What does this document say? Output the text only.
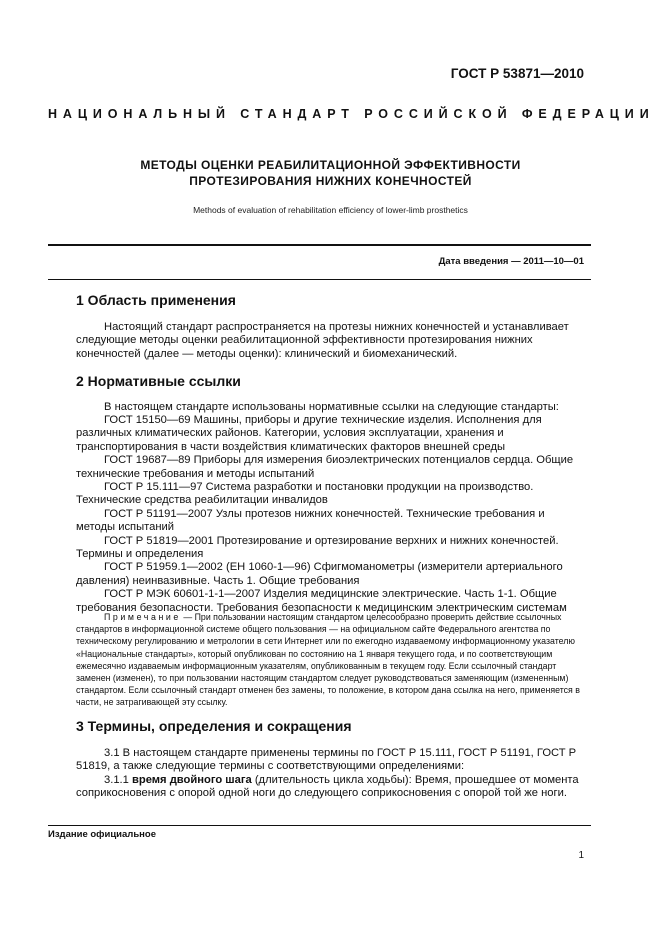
ГОСТ Р 53871—2010
НАЦИОНАЛЬНЫЙ СТАНДАРТ РОССИЙСКОЙ ФЕДЕРАЦИИ
МЕТОДЫ ОЦЕНКИ РЕАБИЛИТАЦИОННОЙ ЭФФЕКТИВНОСТИ
ПРОТЕЗИРОВАНИЯ НИЖНИХ КОНЕЧНОСТЕЙ
Methods of evaluation of rehabilitation efficiency of lower-limb prosthetics
Дата введения — 2011—10—01
1 Область применения

Настоящий стандарт распространяется на протезы нижних конечностей и устанавливает следующие методы оценки реабилитационной эффективности протезирования нижних конечностей (далее — методы оценки): клинический и биомеханический.

2 Нормативные ссылки

В настоящем стандарте использованы нормативные ссылки на следующие стандарты:

ГОСТ 15150—69 Машины, приборы и другие технические изделия. Исполнения для различных климатических районов. Категории, условия эксплуатации, хранения и транспортирования в части воздействия климатических факторов внешней среды

ГОСТ 19687—89 Приборы для измерения биоэлектрических потенциалов сердца. Общие технические требования и методы испытаний

ГОСТ Р 15.111—97 Система разработки и постановки продукции на производство. Технические средства реабилитации инвалидов

ГОСТ Р 51191—2007 Узлы протезов нижних конечностей. Технические требования и методы испытаний

ГОСТ Р 51819—2001 Протезирование и ортезирование верхних и нижних конечностей. Термины и определения

ГОСТ Р 51959.1—2002 (ЕН 1060-1—96) Сфигмоманометры (измерители артериального давления) неинвазивные. Часть 1. Общие требования

ГОСТ Р МЭК 60601-1-1—2007 Изделия медицинские электрические. Часть 1-1. Общие требования безопасности. Требования безопасности к медицинским электрическим системам

Примечание — При пользовании настоящим стандартом целесообразно проверить действие ссылочных стандартов в информационной системе общего пользования — на официальном сайте Федерального агентства по техническому регулированию и метрологии в сети Интернет или по ежегодно издаваемому информационному указателю «Национальные стандарты», который опубликован по состоянию на 1 января текущего года, и по соответствующим ежемесячно издаваемым информационным указателям, опубликованным в текущем году. Если ссылочный стандарт заменен (изменен), то при пользовании настоящим стандартом следует руководствоваться заменяющим (измененным) стандартом. Если ссылочный стандарт отменен без замены, то положение, в котором дана ссылка на него, применяется в части, не затрагивающей эту ссылку.

3 Термины, определения и сокращения

3.1 В настоящем стандарте применены термины по ГОСТ Р 15.111, ГОСТ Р 51191, ГОСТ Р 51819, а также следующие термины с соответствующими определениями:

3.1.1 время двойного шага (длительность цикла ходьбы): Время, прошедшее от момента соприкосновения с опорой одной ноги до следующего соприкосновения с опорой той же ноги.

Издание официальное
1
